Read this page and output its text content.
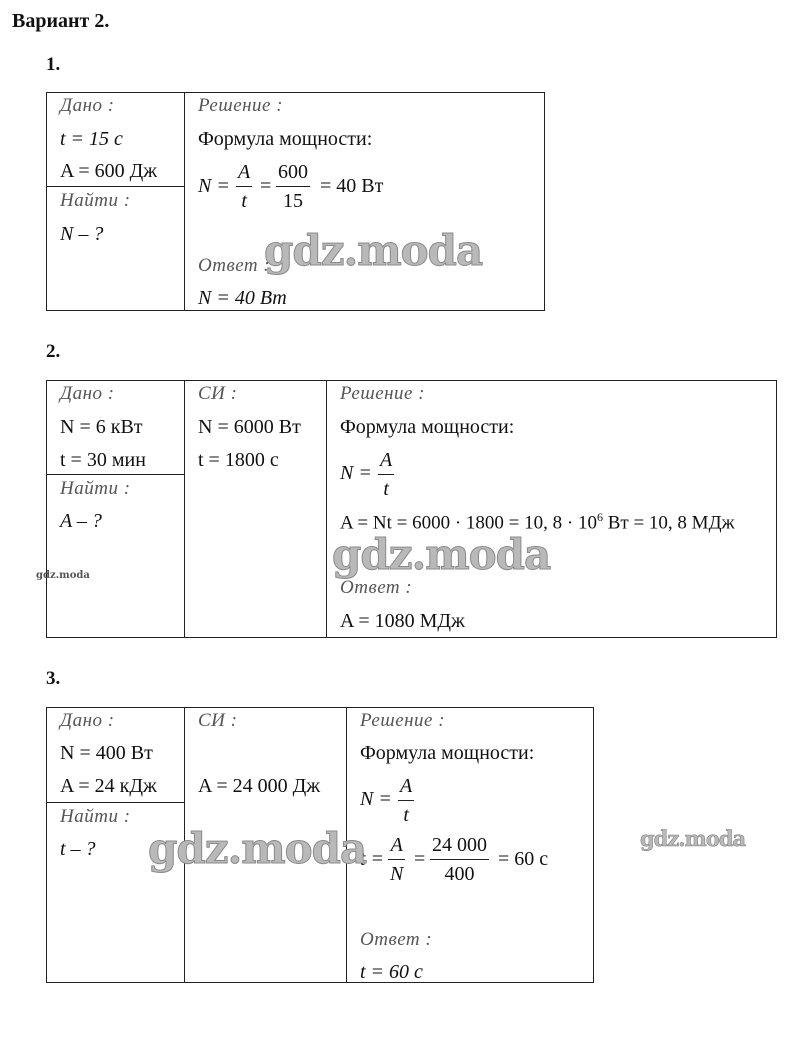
Вариант 2.
1.
Дано :
t = 15 с
A = 600 Дж
Найти :
N – ?
Решение :
Формула мощности:
$N = \frac{A}{t} = \frac{600}{15} = 40$ Вт
Ответ :
N = 40 Вт
gdz.moda
2.
Дано :
N = 6 кВт
t = 30 мин
Найти :
A – ?
gdz.moda
СИ :
N = 6000 Вт
t = 1800 с
Решение :
Формула мощности:
$N = \frac{A}{t}$
A = Nt = 6000 · 1800 = 10, $8 \cdot 10^6$ Вт = 10, 8 МДж
Ответ :
A = 1080 МДж
gdz.moda
3.
Дано :
N = 400 Вт
A = 24 кДж
Найти :
t – ?
СИ :
A = 24 000 Дж
Решение :
Формула мощности:
$N = \frac{A}{t}$
$t = \frac{A}{N} = \frac{24 000}{400} = 60$ с
Ответ :
t = 60 с
gdz.moda	gdz.moda
